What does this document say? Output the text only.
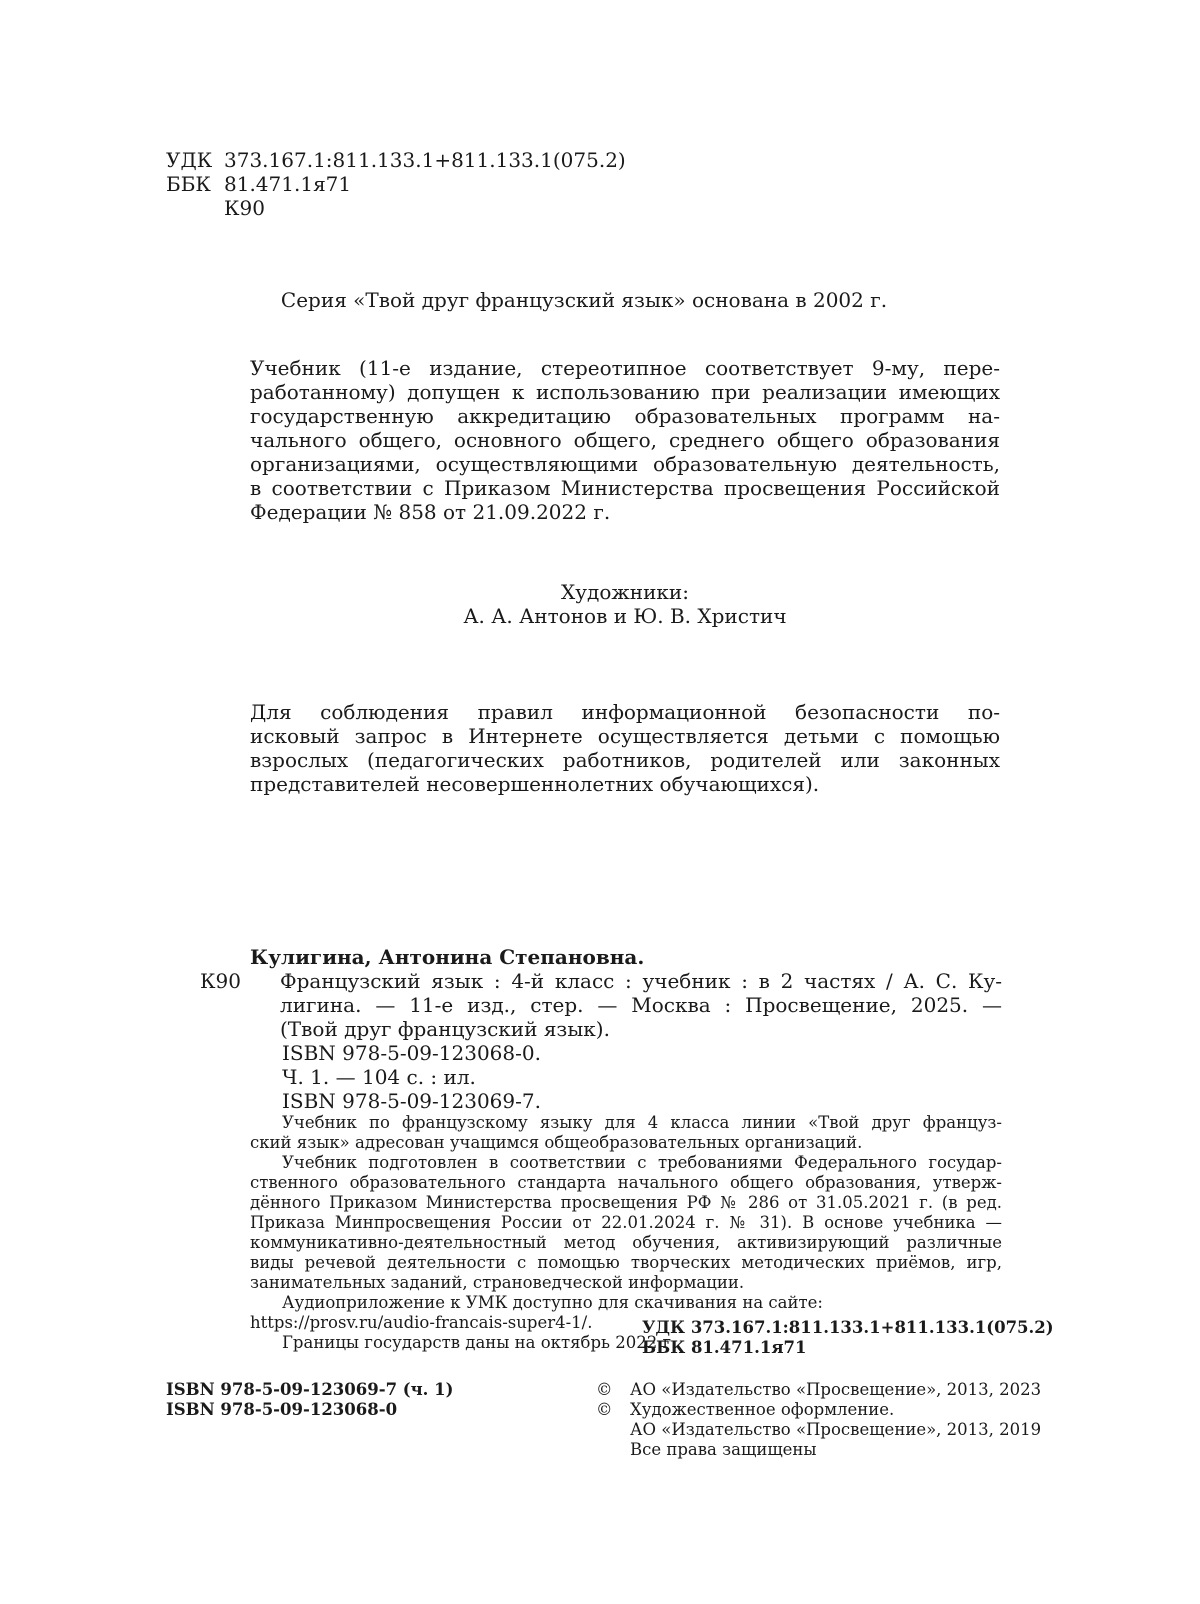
УДК 373.167.1:811.133.1+811.133.1(075.2)
ББК 81.471.1я71
К90
Серия «Твой друг французский язык» основана в 2002 г.
Учебник (11-е издание, стереотипное соответствует 9-му, пере-
работанному) допущен к использованию при реализации имеющих
государственную аккредитацию образовательных программ на-
чального общего, основного общего, среднего общего образования
организациями, осуществляющими образовательную деятельность,
в соответствии с Приказом Министерства просвещения Российской
Федерации № 858 от 21.09.2022 г.
Художники:
А. А. Антонов и Ю. В. Христич
Для соблюдения правил информационной безопасности по-
исковый запрос в Интернете осуществляется детьми с помощью
взрослых (педагогических работников, родителей или законных
представителей несовершеннолетних обучающихся).
Кулигина, Антонина Степановна.
К90	Французский язык : 4-й класс : учебник : в 2 частях / А. С. Ку-
лигина. — 11-е изд., стер. — Москва : Просвещение, 2025. —
(Твой друг французский язык).
ISBN 978-5-09-123068-0.
Ч. 1. — 104 с. : ил.
ISBN 978-5-09-123069-7.
Учебник по французскому языку для 4 класса линии «Твой друг француз-
ский язык» адресован учащимся общеобразовательных организаций.
Учебник подготовлен в соответствии с требованиями Федерального государ-
ственного образовательного стандарта начального общего образования, утверж-
дённого Приказом Министерства просвещения РФ № 286 от 31.05.2021 г. (в ред.
Приказа Минпросвещения России от 22.01.2024 г. № 31). В основе учебника —
коммуникативно-деятельностный метод обучения, активизирующий различные
виды речевой деятельности с помощью творческих методических приёмов, игр,
занимательных заданий, страноведческой информации.
Аудиоприложение к УМК доступно для скачивания на сайте:
https://prosv.ru/audio-francais-super4-1/.
Границы государств даны на октябрь 2022 г.
УДК 373.167.1:811.133.1+811.133.1(075.2)
ББК 81.471.1я71
ISBN 978-5-09-123069-7 (ч. 1)
ISBN 978-5-09-123068-0
©	АО «Издательство «Просвещение», 2013, 2023
©	Художественное оформление.
АО «Издательство «Просвещение», 2013, 2019
Все права защищены
